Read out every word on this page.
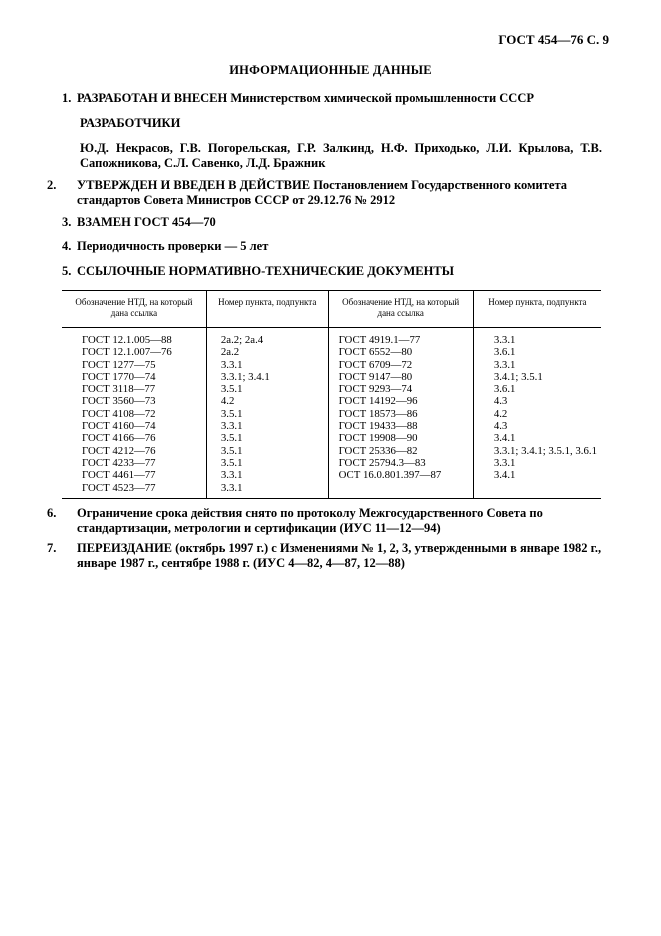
ГОСТ 454—76 С. 9
ИНФОРМАЦИОННЫЕ ДАННЫЕ
1. РАЗРАБОТАН И ВНЕСЕН Министерством химической промышленности СССР
РАЗРАБОТЧИКИ
Ю.Д. Некрасов, Г.В. Погорельская, Г.Р. Залкинд, Н.Ф. Приходько, Л.И. Крылова, Т.В. Сапожникова, С.Л. Савенко, Л.Д. Бражник
2. УТВЕРЖДЕН И ВВЕДЕН В ДЕЙСТВИЕ Постановлением Государственного комитета стандартов Совета Министров СССР от 29.12.76 № 2912
3. ВЗАМЕН ГОСТ 454—70
4. Периодичность проверки — 5 лет
5. ССЫЛОЧНЫЕ НОРМАТИВНО-ТЕХНИЧЕСКИЕ ДОКУМЕНТЫ
Обозначение НТД, на который дана ссылка	Номер пункта, подпункта	Обозначение НТД, на который дана ссылка	Номер пункта, подпункта
ГОСТ 12.1.005—88	2а.2; 2а.4	ГОСТ 4919.1—77	3.3.1
ГОСТ 12.1.007—76	2а.2	ГОСТ 6552—80	3.6.1
ГОСТ 1277—75	3.3.1	ГОСТ 6709—72	3.3.1
ГОСТ 1770—74	3.3.1; 3.4.1	ГОСТ 9147—80	3.4.1; 3.5.1
ГОСТ 3118—77	3.5.1	ГОСТ 9293—74	3.6.1
ГОСТ 3560—73	4.2	ГОСТ 14192—96	4.3
ГОСТ 4108—72	3.5.1	ГОСТ 18573—86	4.2
ГОСТ 4160—74	3.3.1	ГОСТ 19433—88	4.3
ГОСТ 4166—76	3.5.1	ГОСТ 19908—90	3.4.1
ГОСТ 4212—76	3.5.1	ГОСТ 25336—82	3.3.1; 3.4.1; 3.5.1, 3.6.1
ГОСТ 4233—77	3.5.1	ГОСТ 25794.3—83	3.3.1
ГОСТ 4461—77	3.3.1	ОСТ 16.0.801.397—87	3.4.1
ГОСТ 4523—77	3.3.1		
6. Ограничение срока действия снято по протоколу Межгосударственного Совета по стандартизации, метрологии и сертификации (ИУС 11—12—94)
7. ПЕРЕИЗДАНИЕ (октябрь 1997 г.) с Изменениями № 1, 2, 3, утвержденными в январе 1982 г., январе 1987 г., сентябре 1988 г. (ИУС 4—82, 4—87, 12—88)
